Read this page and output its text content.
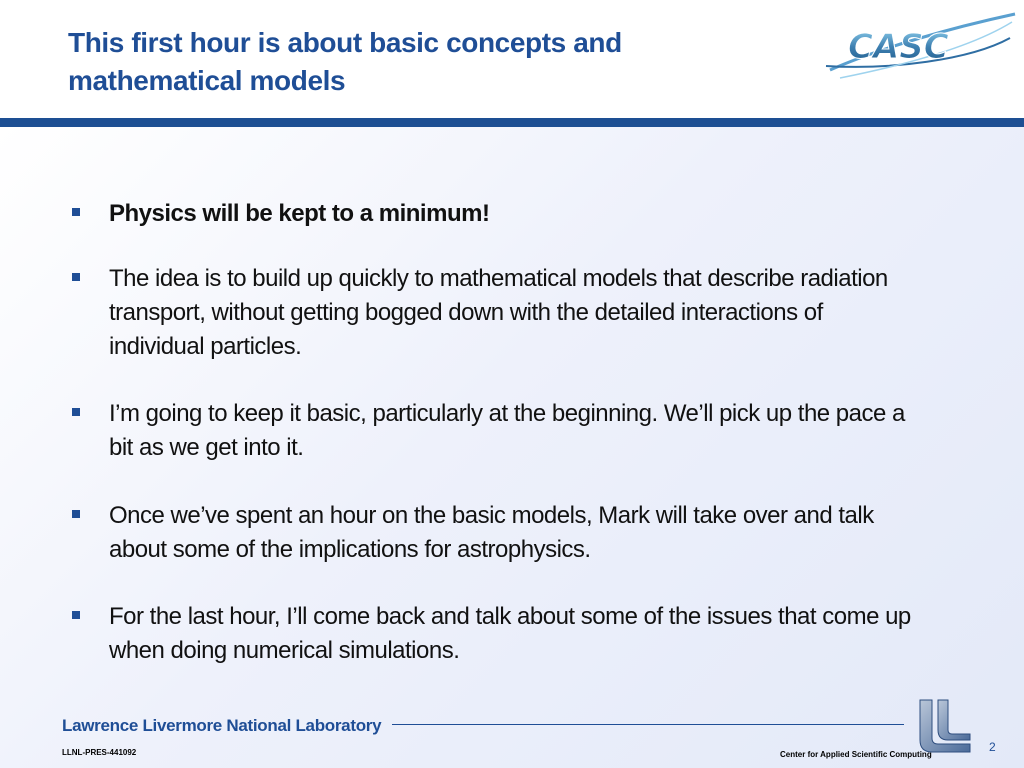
This first hour is about basic concepts and
mathematical models
CASC
Physics will be kept to a minimum!
The idea is to build up quickly to mathematical models that describe radiation
transport, without getting bogged down with the detailed interactions of
individual particles.
I’m going to keep it basic, particularly at the beginning. We’ll pick up the pace a
bit as we get into it.
Once we’ve spent an hour on the basic models, Mark will take over and talk
about some of the implications for astrophysics.
For the last hour, I’ll come back and talk about some of the issues that come up
when doing numerical simulations.
Lawrence Livermore National Laboratory
LLNL-PRES-441092	Center for Applied Scientific Computing
2
